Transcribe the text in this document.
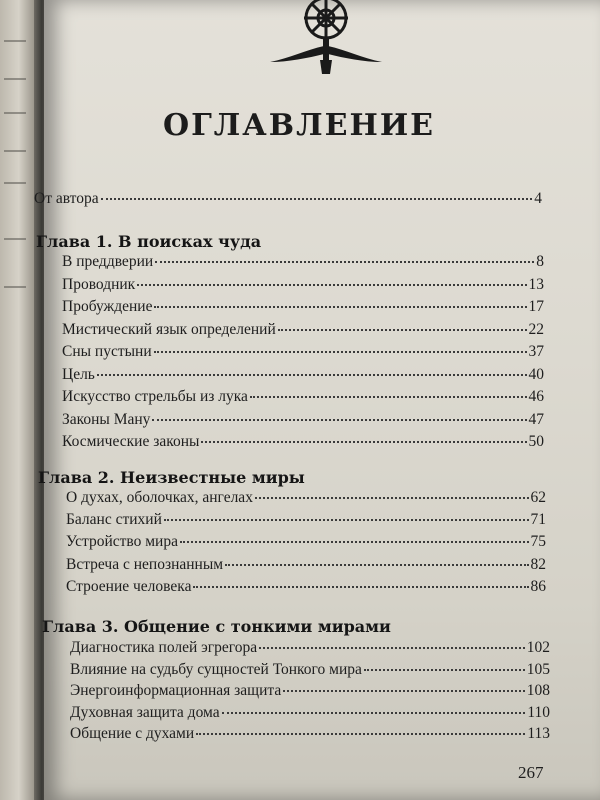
ОГЛАВЛЕНИЕ
От автора	4
Глава 1. В поисках чуда
В преддверии	8
Проводник	13
Пробуждение	17
Мистический язык определений	22
Сны пустыни	37
Цель	40
Искусство стрельбы из лука	46
Законы Ману	47
Космические законы	50
Глава 2. Неизвестные миры
О духах, оболочках, ангелах	62
Баланс стихий	71
Устройство мира	75
Встреча с непознанным	82
Строение человека	86
Глава 3. Общение с тонкими мирами
Диагностика полей эгрегора	102
Влияние на судьбу сущностей Тонкого мира	105
Энергоинформационная защита	108
Духовная защита дома	110
Общение с духами	113
267
